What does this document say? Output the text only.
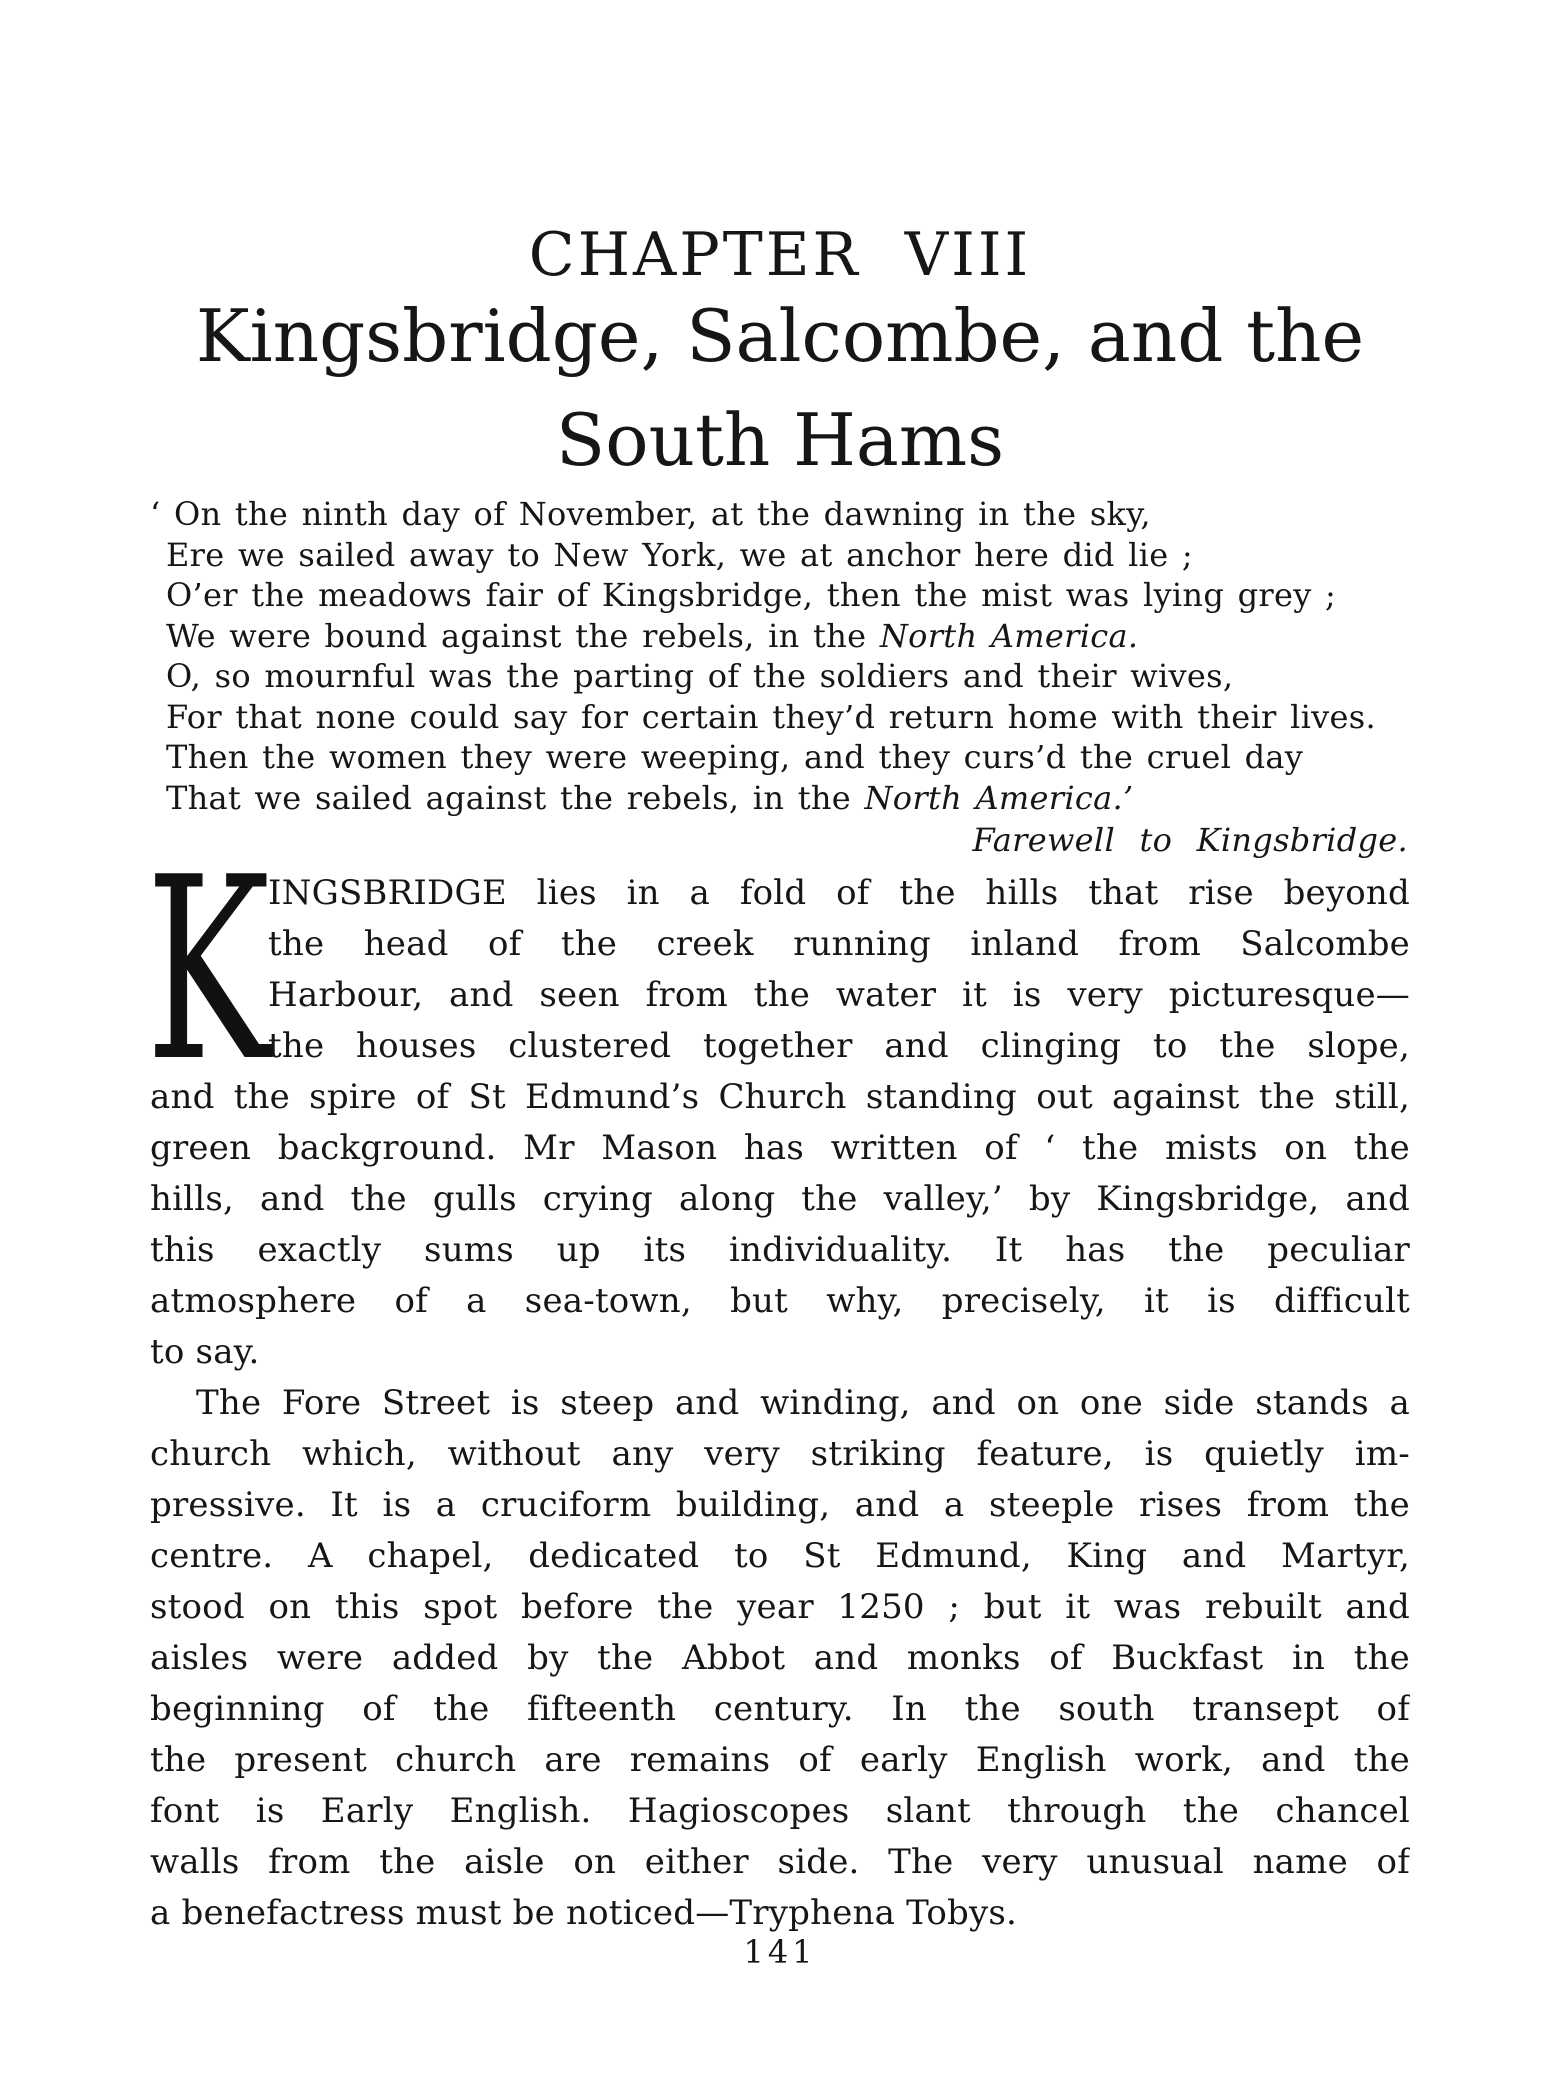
CHAPTER VIII
Kingsbridge, Salcombe, and the
South Hams
‘ On the ninth day of November, at the dawning in the sky,
Ere we sailed away to New York, we at anchor here did lie ;
O’er the meadows fair of Kingsbridge, then the mist was lying grey ;
We were bound against the rebels, in the North America.
O, so mournful was the parting of the soldiers and their wives,
For that none could say for certain they’d return home with their lives.
Then the women they were weeping, and they curs’d the cruel day
That we sailed against the rebels, in the North America.’
Farewell to Kingsbridge.
K
INGSBRIDGE lies in a fold of the hills that rise beyond
the head of the creek running inland from Salcombe
Harbour, and seen from the water it is very picturesque—
the houses clustered together and clinging to the slope,
and the spire of St Edmund’s Church standing out against the still,
green background. Mr Mason has written of ‘ the mists on the
hills, and the gulls crying along the valley,’ by Kingsbridge, and
this exactly sums up its individuality. It has the peculiar
atmosphere of a sea-town, but why, precisely, it is difficult
to say.
The Fore Street is steep and winding, and on one side stands a
church which, without any very striking feature, is quietly im-
pressive. It is a cruciform building, and a steeple rises from the
centre. A chapel, dedicated to St Edmund, King and Martyr,
stood on this spot before the year 1250 ; but it was rebuilt and
aisles were added by the Abbot and monks of Buckfast in the
beginning of the fifteenth century. In the south transept of
the present church are remains of early English work, and the
font is Early English. Hagioscopes slant through the chancel
walls from the aisle on either side. The very unusual name of
a benefactress must be noticed—Tryphena Tobys.
141
